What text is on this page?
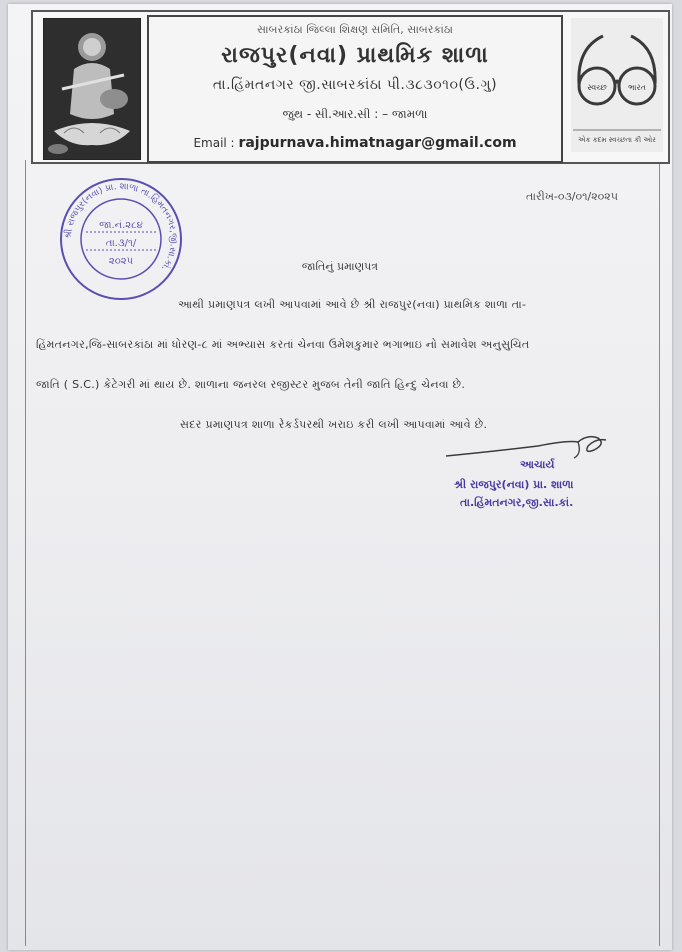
સાબરકાંઠા જિલ્લા શિક્ષણ સમિતિ, સાબરકાંઠા
રાજપુર(નવા) પ્રાથમિક શાળા
તા.હિંમતનગર જી.સાબરકાંઠા પી.૩૮૩૦૧૦(ઉ.ગુ)
જુથ - સી.આર.સી : – જામળા
Email : rajpurnava.himatnagar@gmail.com
સ્વચ્છ	ભારત
એક કદમ સ્વચ્છતા કી ઓર
શ્રી રાજપુર(નવા) પ્રા. શાળા તા.હિંમતનગર,જી.સા.કાં.
જા.નં.૨૮૪
તા.૩/૧/
૨૦૨૫
તારીખ-૦૩/૦૧/૨૦૨૫
જાતિનું પ્રમાણપત્ર
આથી પ્રમાણપત્ર લખી આપવામાં આવે છે શ્રી રાજપુર(નવા) પ્રાથમિક શાળા તા-
હિંમતનગર,જિ-સાબરકાંઠા માં ધોરણ-૮ માં અભ્યાસ કરતાં ચેનવા ઉમેશકુમાર ભગાભાઇ નો સમાવેશ અનુસુચિત
જાતિ ( S.C.) કેટેગરી માં થાય છે. શાળાના જનરલ રજીસ્ટર મુજબ તેની જાતિ હિન્દુ ચેનવા છે.
સદર પ્રમાણપત્ર શાળા રેકર્ડપરથી ખરાઇ કરી લખી આપવામાં આવે છે.
આચાર્ય
શ્રી રાજપુર(નવા) પ્રા. શાળા
તા.હિંમતનગર,જી.સા.કાં.
